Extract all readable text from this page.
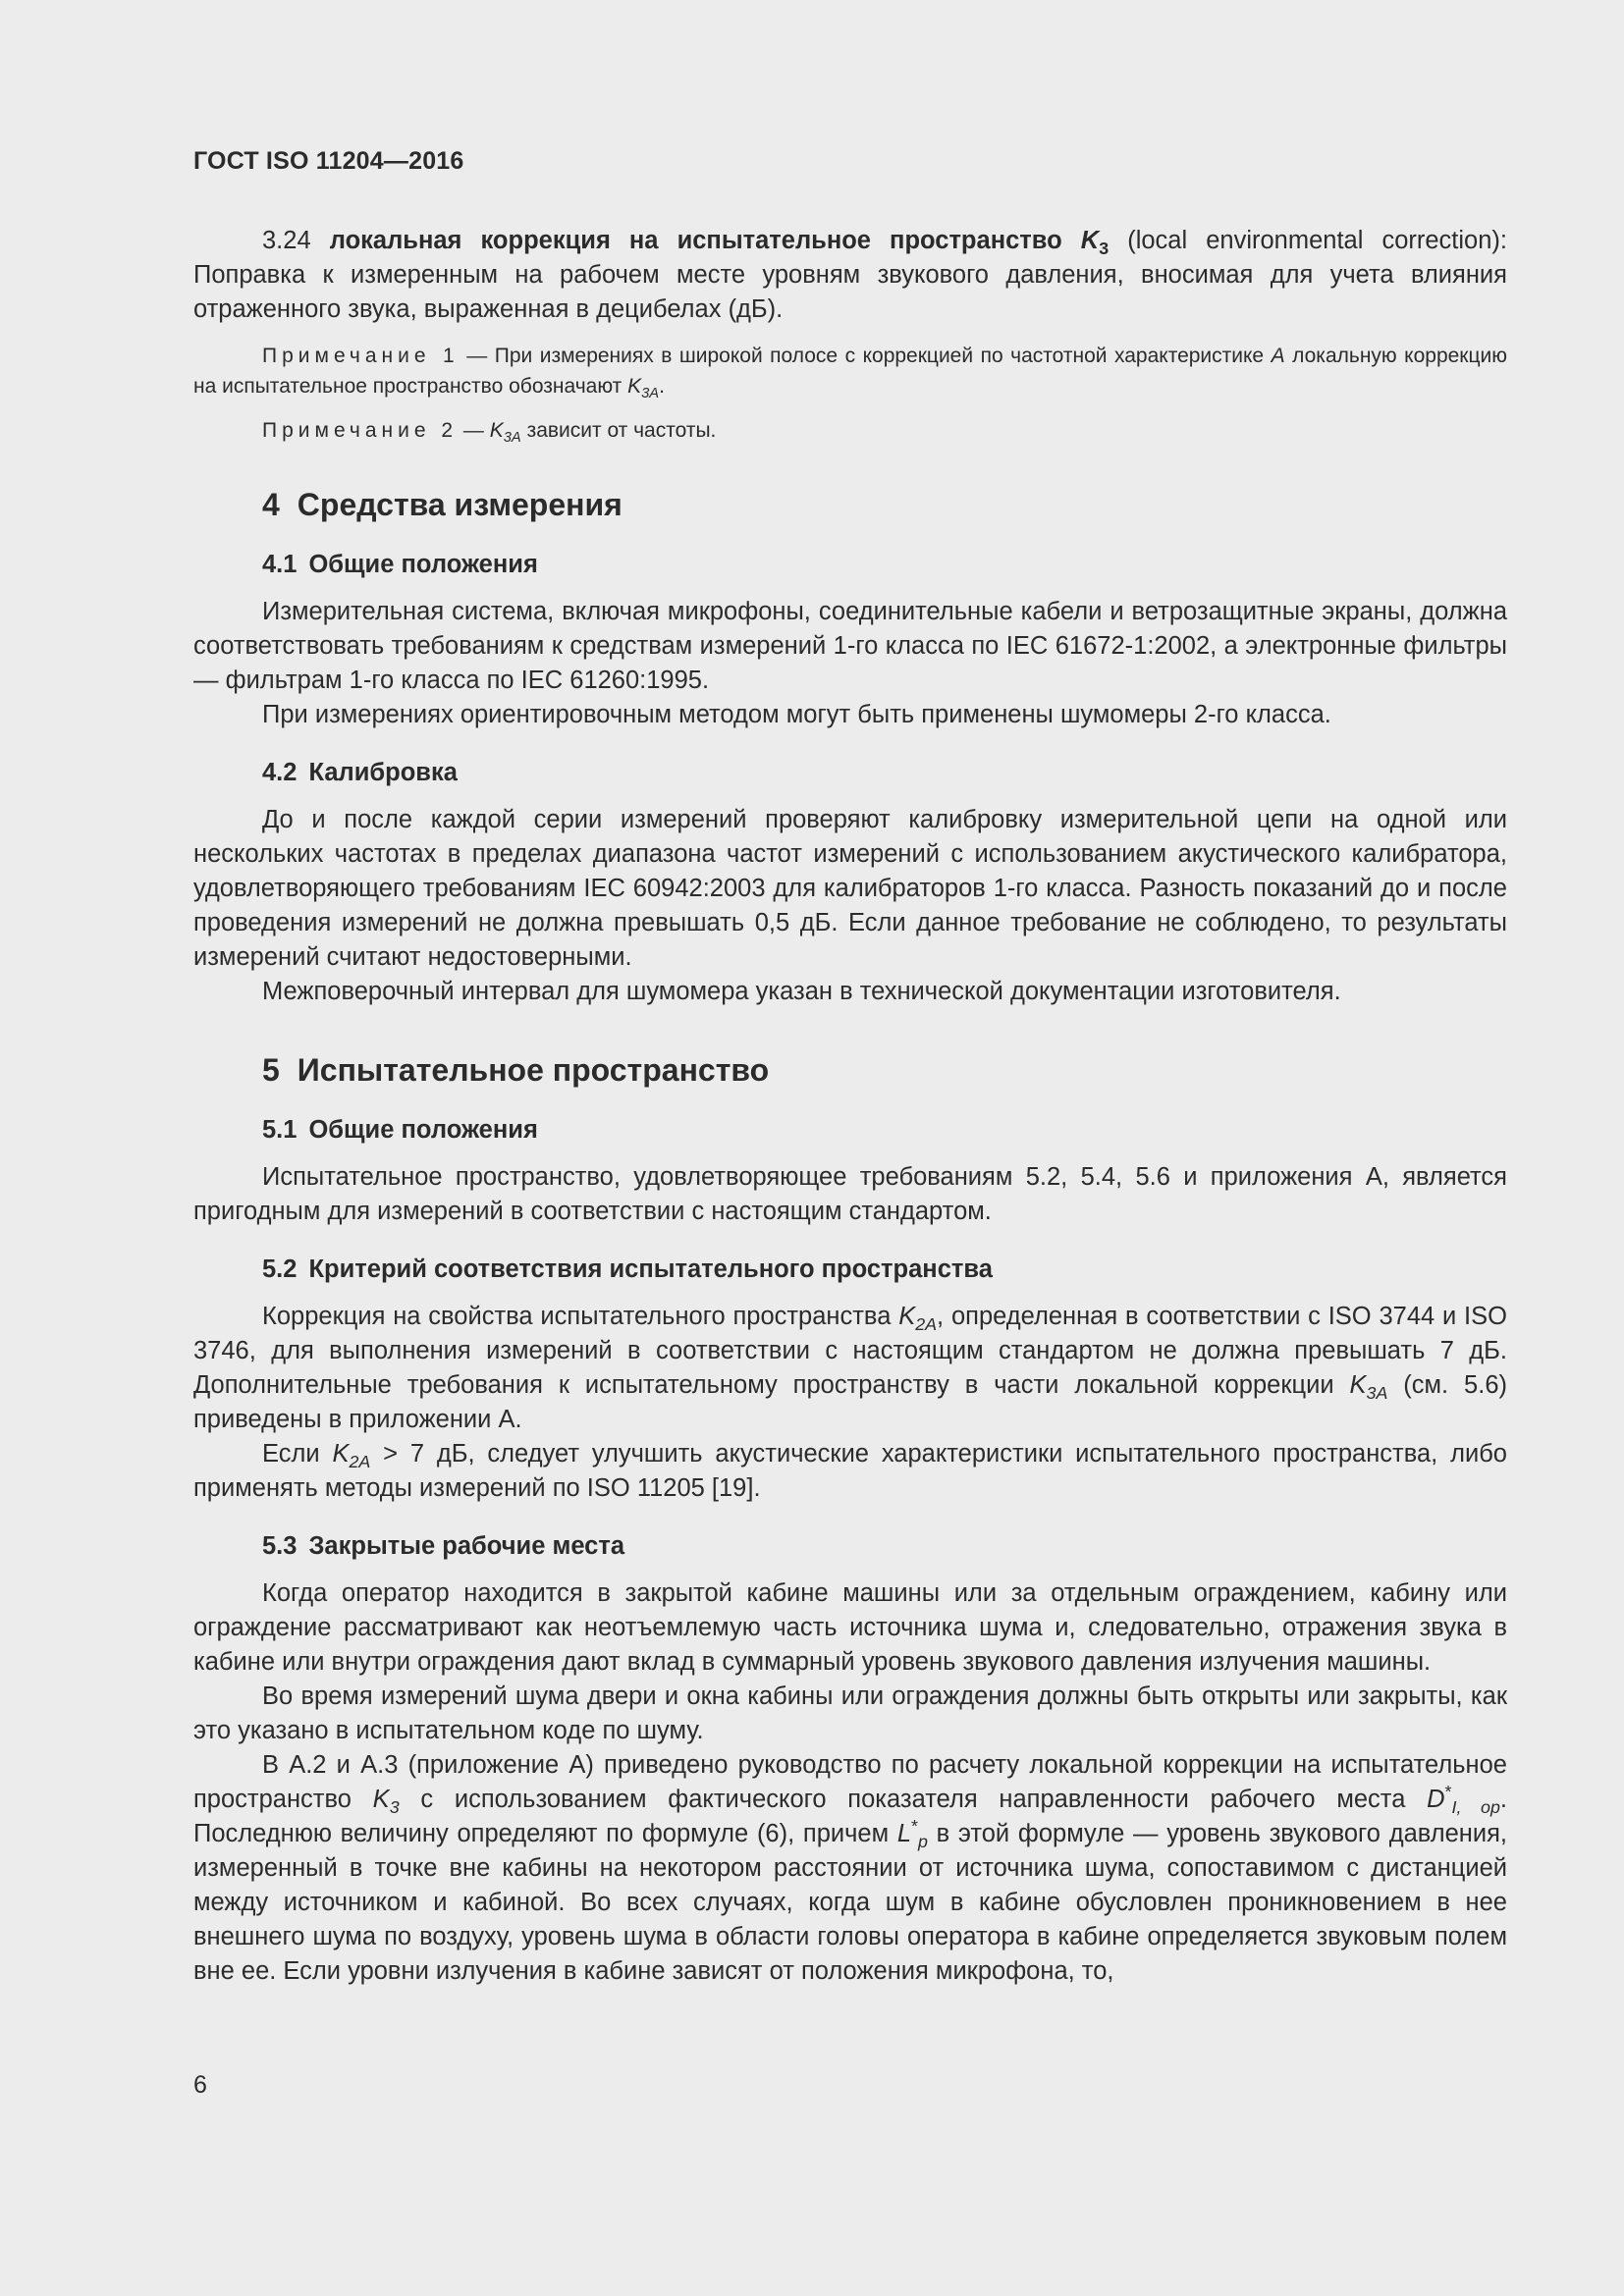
ГОСТ ISO 11204—2016

3.24 локальная коррекция на испытательное пространство $K_3$ (local environmental correction): Поправка к измеренным на рабочем месте уровням звукового давления, вносимая для учета влияния отраженного звука, выраженная в децибелах (дБ).

Примечание 1 — При измерениях в широкой полосе с коррекцией по частотной характеристике A локальную коррекцию на испытательное пространство обозначают $K_{3A}$.

Примечание 2 — $K_{3A}$ зависит от частоты.

4 Средства измерения
4.1 Общие положения

Измерительная система, включая микрофоны, соединительные кабели и ветрозащитные экраны, должна соответствовать требованиям к средствам измерений 1-го класса по IEC 61672-1:2002, а электронные фильтры — фильтрам 1-го класса по IEC 61260:1995.

При измерениях ориентировочным методом могут быть применены шумомеры 2-го класса.

4.2 Калибровка

До и после каждой серии измерений проверяют калибровку измерительной цепи на одной или нескольких частотах в пределах диапазона частот измерений с использованием акустического калибратора, удовлетворяющего требованиям IEC 60942:2003 для калибраторов 1-го класса. Разность показаний до и после проведения измерений не должна превышать 0,5 дБ. Если данное требование не соблюдено, то результаты измерений считают недостоверными.

Межповерочный интервал для шумомера указан в технической документации изготовителя.

5 Испытательное пространство
5.1 Общие положения

Испытательное пространство, удовлетворяющее требованиям 5.2, 5.4, 5.6 и приложения А, является пригодным для измерений в соответствии с настоящим стандартом.

5.2 Критерий соответствия испытательного пространства

Коррекция на свойства испытательного пространства $K_{2A}$, определенная в соответствии с ISO 3744 и ISO 3746, для выполнения измерений в соответствии с настоящим стандартом не должна превышать 7 дБ. Дополнительные требования к испытательному пространству в части локальной коррекции $K_{3A}$ (см. 5.6) приведены в приложении А.

Если $K_{2A} > 7$ дБ, следует улучшить акустические характеристики испытательного пространства, либо применять методы измерений по ISO 11205 [19].

5.3 Закрытые рабочие места

Когда оператор находится в закрытой кабине машины или за отдельным ограждением, кабину или ограждение рассматривают как неотъемлемую часть источника шума и, следовательно, отражения звука в кабине или внутри ограждения дают вклад в суммарный уровень звукового давления излучения машины.

Во время измерений шума двери и окна кабины или ограждения должны быть открыты или закрыты, как это указано в испытательном коде по шуму.

В А.2 и А.3 (приложение А) приведено руководство по расчету локальной коррекции на испытательное пространство $K_3$ с использованием фактического показателя направленности рабочего места $D^*_{I, op}$. Последнюю величину определяют по формуле (6), причем $L^*_p$ в этой формуле — уровень звукового давления, измеренный в точке вне кабины на некотором расстоянии от источника шума, сопоставимом с дистанцией между источником и кабиной. Во всех случаях, когда шум в кабине обусловлен проникновением в нее внешнего шума по воздуху, уровень шума в области головы оператора в кабине определяется звуковым полем вне ее. Если уровни излучения в кабине зависят от положения микрофона, то,

6
